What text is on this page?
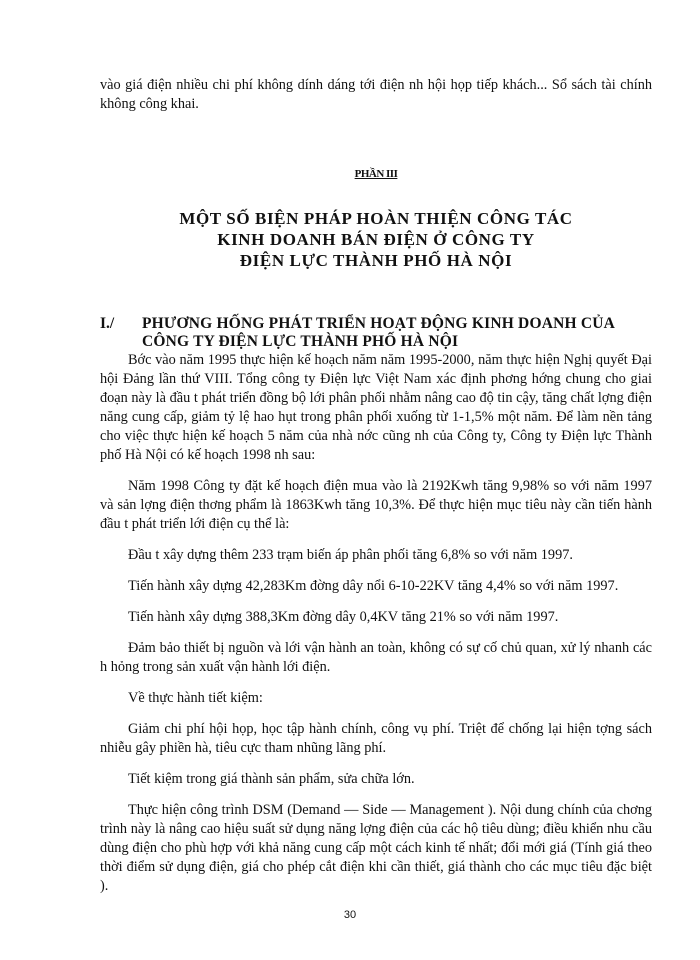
vào giá điện nhiều chi phí không dính dáng tới điện nh hội họp tiếp khách... Sổ sách tài chính không công khai.

PHẦN III
MỘT SỐ BIỆN PHÁP HOÀN THIỆN CÔNG TÁC
KINH DOANH BÁN ĐIỆN Ở CÔNG TY
ĐIỆN LỰC THÀNH PHỐ HÀ NỘI
I./	PHƯƠNG HỐNG PHÁT TRIỂN HOẠT ĐỘNG KINH DOANH CỦA CÔNG TY ĐIỆN LỰC THÀNH PHỐ HÀ NỘI

Bớc vào năm 1995 thực hiện kế hoạch năm năm 1995-2000, năm thực hiện Nghị quyết Đại hội Đảng lần thứ VIII. Tổng công ty Điện lực Việt Nam xác định phơng hớng chung cho giai đoạn này là đầu t phát triển đồng bộ lới phân phối nhằm nâng cao độ tin cậy, tăng chất lợng điện năng cung cấp, giảm tỷ lệ hao hụt trong phân phối xuống từ 1-1,5% một năm. Để làm nền tảng cho việc thực hiện kế hoạch 5 năm của nhà nớc cũng nh của Công ty, Công ty Điện lực Thành phố Hà Nội có kế hoạch 1998 nh sau:

Năm 1998 Công ty đặt kế hoạch điện mua vào là 2192Kwh tăng 9,98% so với năm 1997 và sản lợng điện thơng phẩm là 1863Kwh tăng 10,3%. Để thực hiện mục tiêu này cần tiến hành đầu t phát triển lới điện cụ thể là:

Đầu t xây dựng thêm 233 trạm biến áp phân phối tăng 6,8% so với năm 1997.

Tiến hành xây dựng 42,283Km đờng dây nổi 6-10-22KV tăng 4,4% so với năm 1997.

Tiến hành xây dựng 388,3Km đờng dây 0,4KV tăng 21% so với năm 1997.

Đảm bảo thiết bị nguồn và lới vận hành an toàn, không có sự cố chủ quan, xử lý nhanh các h hỏng trong sản xuất vận hành lới điện.

Về thực hành tiết kiệm:

Giảm chi phí hội họp, học tập hành chính, công vụ phí. Triệt để chống lại hiện tợng sách nhiễu gây phiền hà, tiêu cực tham nhũng lãng phí.

Tiết kiệm trong giá thành sản phẩm, sửa chữa lớn.

Thực hiện công trình DSM (Demand — Side — Management ). Nội dung chính của chơng trình này là nâng cao hiệu suất sử dụng năng lợng điện của các hộ tiêu dùng; điều khiển nhu cầu dùng điện cho phù hợp với khả năng cung cấp một cách kinh tế nhất; đổi mới giá (Tính giá theo thời điểm sử dụng điện, giá cho phép cắt điện khi cần thiết, giá thành cho các mục tiêu đặc biệt ).

30
